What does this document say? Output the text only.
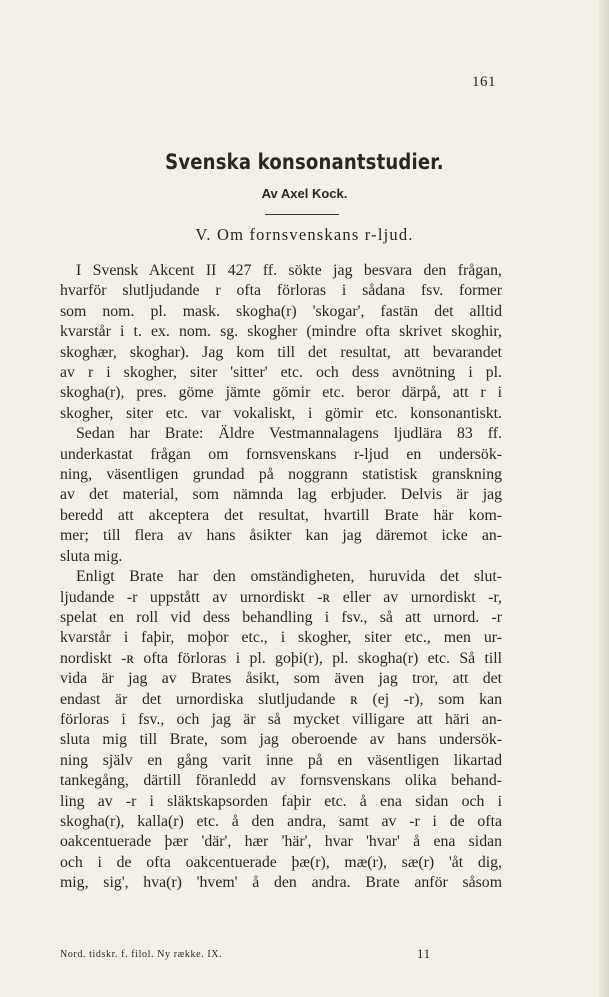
161
Svenska konsonantstudier.
Av Axel Kock.
V. Om fornsvenskans r-ljud.
I Svensk Akcent II 427 ff. sökte jag besvara den frågan,
hvarför slutljudande r ofta förloras i sådana fsv. former
som nom. pl. mask. skogha(r) 'skogar', fastän det alltid
kvarstår i t. ex. nom. sg. skogher (mindre ofta skrivet skoghir,
skoghær, skoghar). Jag kom till det resultat, att bevarandet
av r i skogher, siter 'sitter' etc. och dess avnötning i pl.
skogha(r), pres. göme jämte gömir etc. beror därpå, att r i
skogher, siter etc. var vokaliskt, i gömir etc. konsonantiskt.
Sedan har Brate: Äldre Vestmannalagens ljudlära 83 ff.
underkastat frågan om fornsvenskans r-ljud en undersök-
ning, väsentligen grundad på noggrann statistisk granskning
av det material, som nämnda lag erbjuder. Delvis är jag
beredd att akceptera det resultat, hvartill Brate här kom-
mer; till flera av hans åsikter kan jag däremot icke an-
sluta mig.
Enligt Brate har den omständigheten, huruvida det slut-
ljudande -r uppstått av urnordiskt -ʀ eller av urnordiskt -r,
spelat en roll vid dess behandling i fsv., så att urnord. -r
kvarstår i faþir, moþor etc., i skogher, siter etc., men ur-
nordiskt -ʀ ofta förloras i pl. goþi(r), pl. skogha(r) etc. Så till
vida är jag av Brates åsikt, som även jag tror, att det
endast är det urnordiska slutljudande ʀ (ej -r), som kan
förloras i fsv., och jag är så mycket villigare att häri an-
sluta mig till Brate, som jag oberoende av hans undersök-
ning själv en gång varit inne på en väsentligen likartad
tankegång, därtill föranledd av fornsvenskans olika behand-
ling av -r i släktskapsorden faþir etc. å ena sidan och i
skogha(r), kalla(r) etc. å den andra, samt av -r i de ofta
oakcentuerade þær 'där', hær 'här', hvar 'hvar' å ena sidan
och i de ofta oakcentuerade þæ(r), mæ(r), sæ(r) 'åt dig,
mig, sig', hva(r) 'hvem' å den andra. Brate anför såsom
Nord. tidskr. f. filol. Ny række. IX.	11
